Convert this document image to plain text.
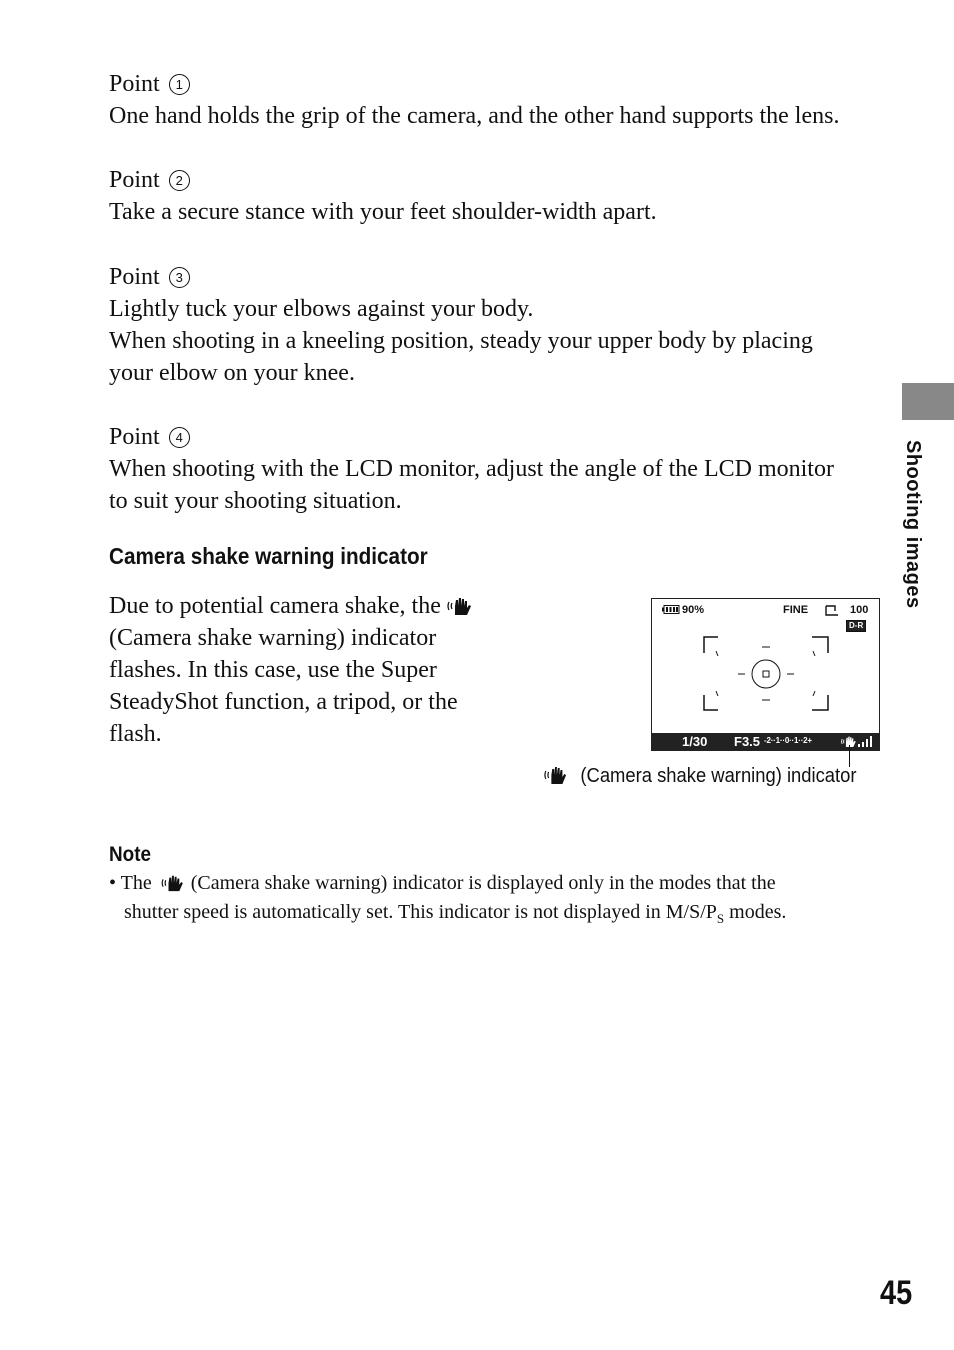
Point 1
One hand holds the grip of the camera, and the other hand supports the lens.
Point 2
Take a secure stance with your feet shoulder-width apart.
Point 3
Lightly tuck your elbows against your body.
When shooting in a kneeling position, steady your upper body by placing
your elbow on your knee.
Point 4
When shooting with the LCD monitor, adjust the angle of the LCD monitor
to suit your shooting situation.
Camera shake warning indicator
Due to potential camera shake, the
(Camera shake warning) indicator
flashes. In this case, use the Super
SteadyShot function, a tripod, or the
flash.
90%	FINE	100
D-R
1/30 F3.5 -2··1··0··1··2+
(Camera shake warning) indicator
Note
• The (Camera shake warning) indicator is displayed only in the modes that the
shutter speed is automatically set. This indicator is not displayed in $M/S/P_S$ modes.
Shooting images
45
